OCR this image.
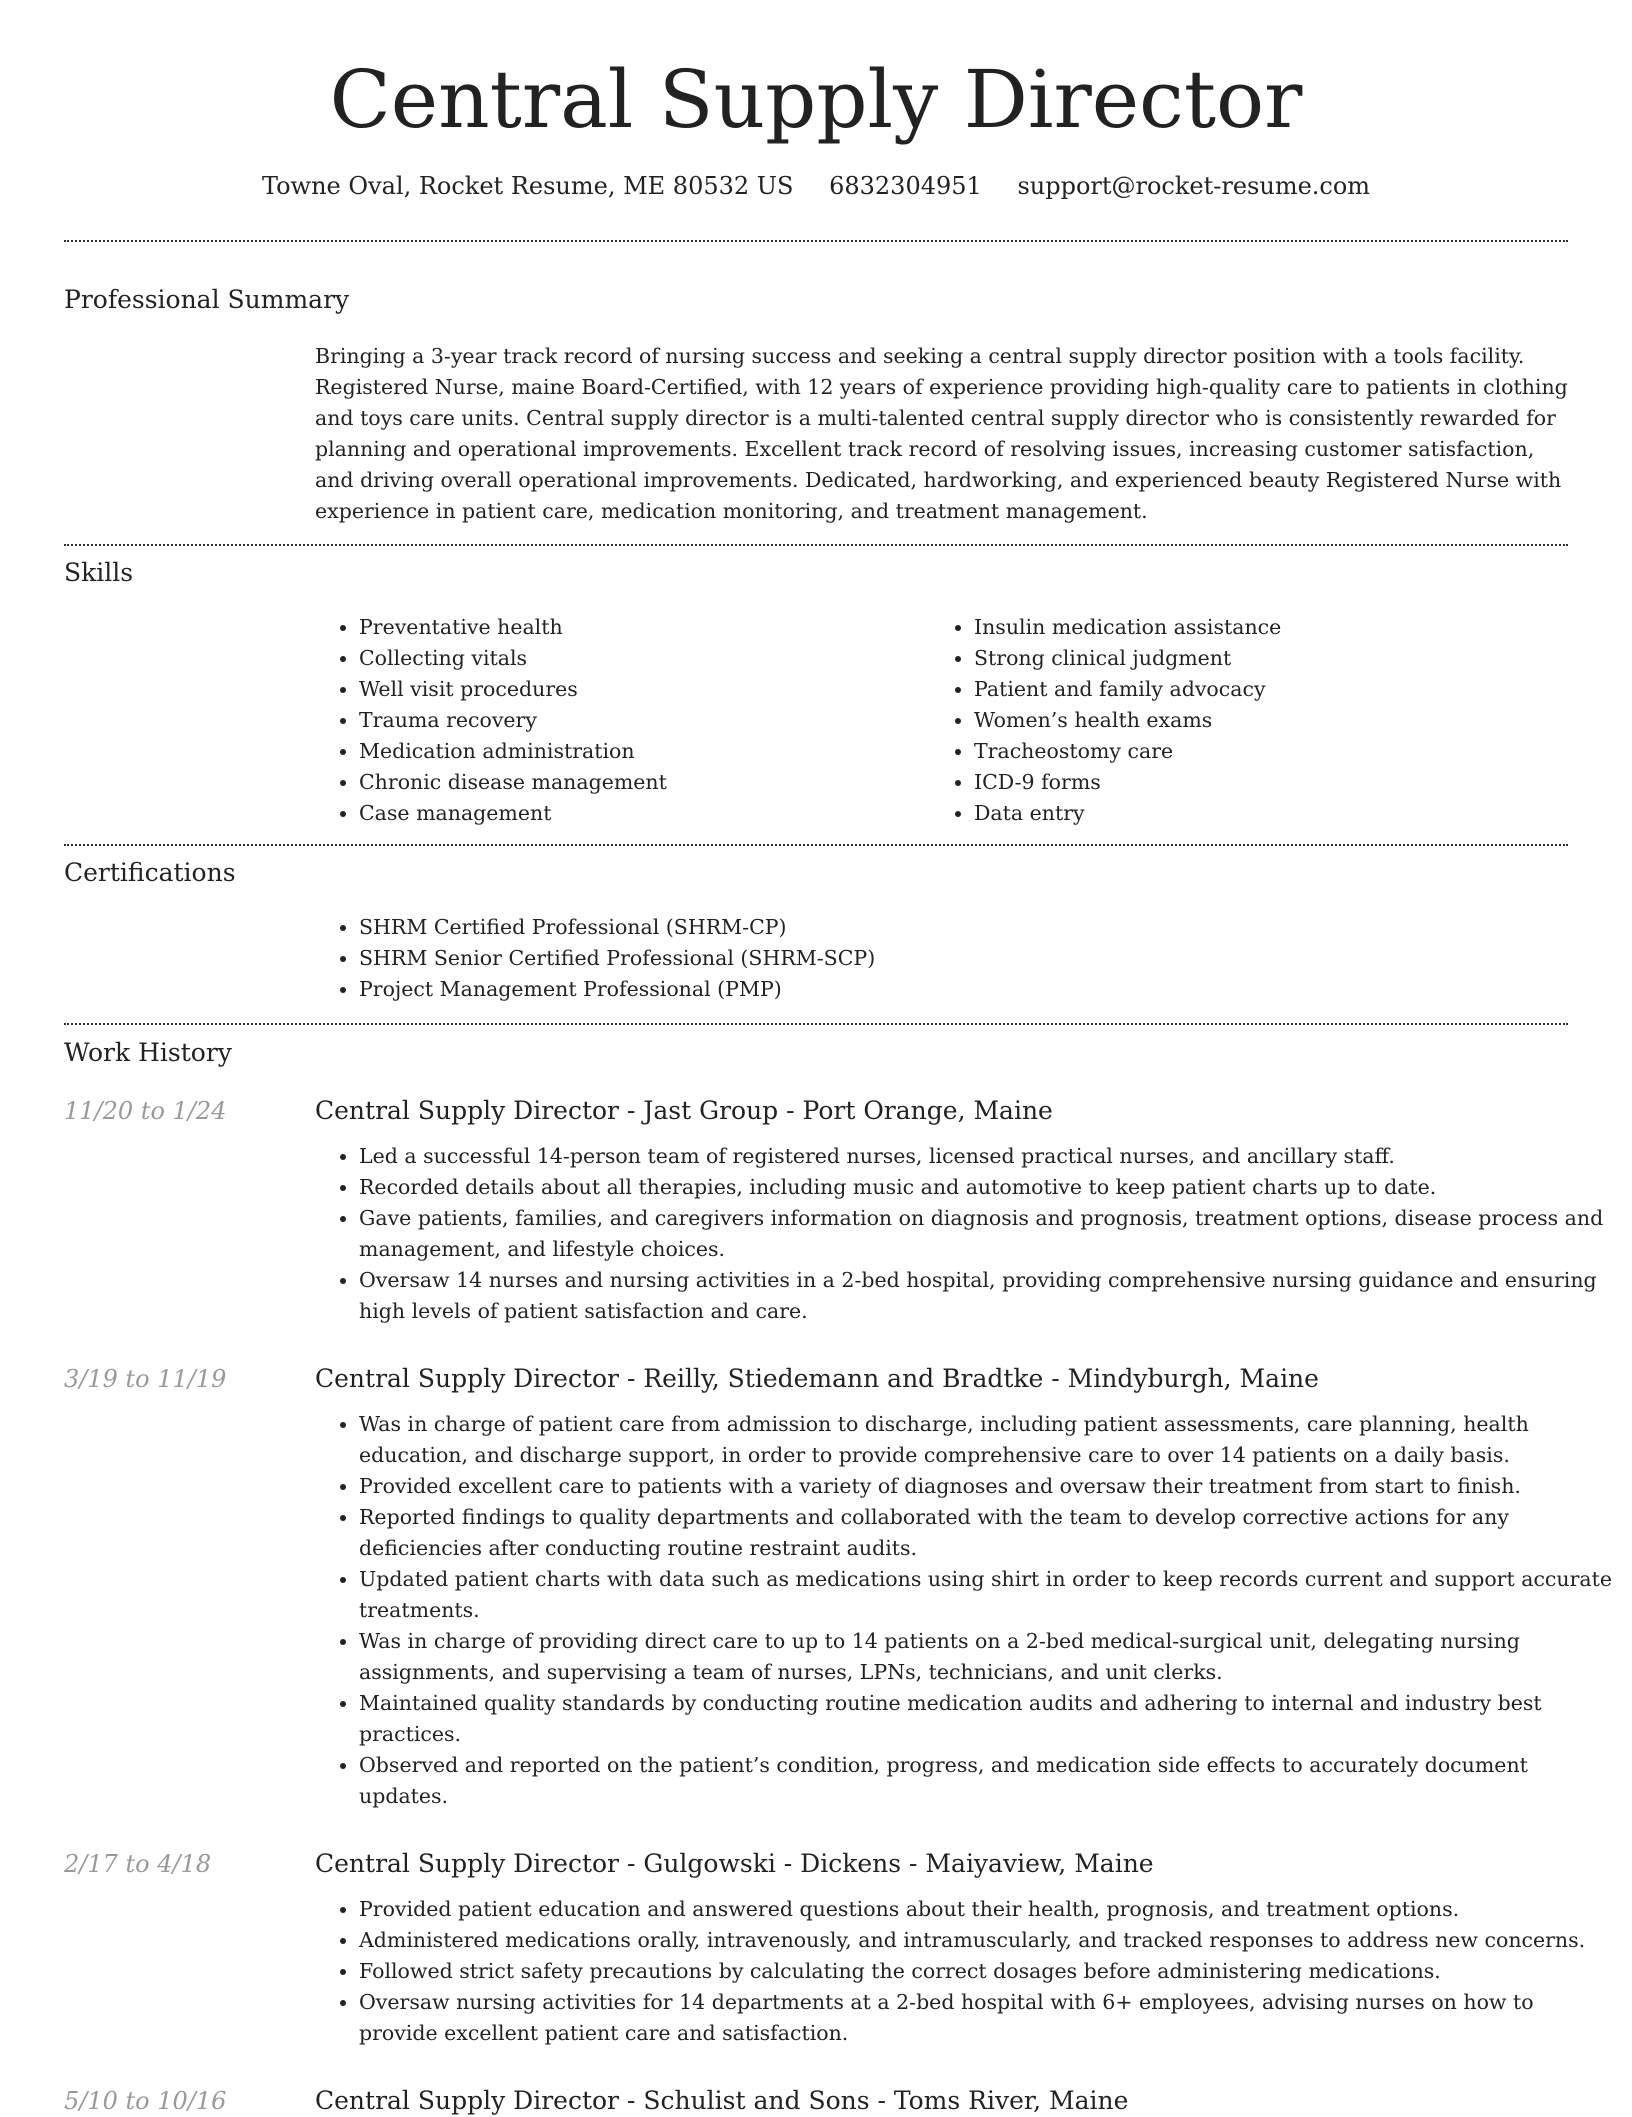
Central Supply Director
Towne Oval, Rocket Resume, ME 80532 US 6832304951 support@rocket-resume.com
Professional Summary

Bringing a 3-year track record of nursing success and seeking a central supply director position with a tools facility. Registered Nurse, maine Board-Certified, with 12 years of experience providing high-quality care to patients in clothing and toys care units. Central supply director is a multi-talented central supply director who is consistently rewarded for planning and operational improvements. Excellent track record of resolving issues, increasing customer satisfaction, and driving overall operational improvements. Dedicated, hardworking, and experienced beauty Registered Nurse with experience in patient care, medication monitoring, and treatment management.

Skills
• Preventative health
• Collecting vitals
• Well visit procedures
• Trauma recovery
• Medication administration
• Chronic disease management
• Case management
• Insulin medication assistance
• Strong clinical judgment
• Patient and family advocacy
• Women’s health exams
• Tracheostomy care
• ICD-9 forms
• Data entry
Certifications
• SHRM Certified Professional (SHRM-CP)
• SHRM Senior Certified Professional (SHRM-SCP)
• Project Management Professional (PMP)
Work History
11/20 to 1/24	Central Supply Director - Jast Group - Port Orange, Maine
• Led a successful 14-person team of registered nurses, licensed practical nurses, and ancillary staff.
• Recorded details about all therapies, including music and automotive to keep patient charts up to date.
• Gave patients, families, and caregivers information on diagnosis and prognosis, treatment options, disease process and management, and lifestyle choices.
• Oversaw 14 nurses and nursing activities in a 2-bed hospital, providing comprehensive nursing guidance and ensuring high levels of patient satisfaction and care.
3/19 to 11/19	Central Supply Director - Reilly, Stiedemann and Bradtke - Mindyburgh, Maine
• Was in charge of patient care from admission to discharge, including patient assessments, care planning, health education, and discharge support, in order to provide comprehensive care to over 14 patients on a daily basis.
• Provided excellent care to patients with a variety of diagnoses and oversaw their treatment from start to finish.
• Reported findings to quality departments and collaborated with the team to develop corrective actions for any deficiencies after conducting routine restraint audits.
• Updated patient charts with data such as medications using shirt in order to keep records current and support accurate treatments.
• Was in charge of providing direct care to up to 14 patients on a 2-bed medical-surgical unit, delegating nursing assignments, and supervising a team of nurses, LPNs, technicians, and unit clerks.
• Maintained quality standards by conducting routine medication audits and adhering to internal and industry best practices.
• Observed and reported on the patient’s condition, progress, and medication side effects to accurately document updates.
2/17 to 4/18	Central Supply Director - Gulgowski - Dickens - Maiyaview, Maine
• Provided patient education and answered questions about their health, prognosis, and treatment options.
• Administered medications orally, intravenously, and intramuscularly, and tracked responses to address new concerns.
• Followed strict safety precautions by calculating the correct dosages before administering medications.
• Oversaw nursing activities for 14 departments at a 2-bed hospital with 6+ employees, advising nurses on how to provide excellent patient care and satisfaction.
5/10 to 10/16	Central Supply Director - Schulist and Sons - Toms River, Maine
